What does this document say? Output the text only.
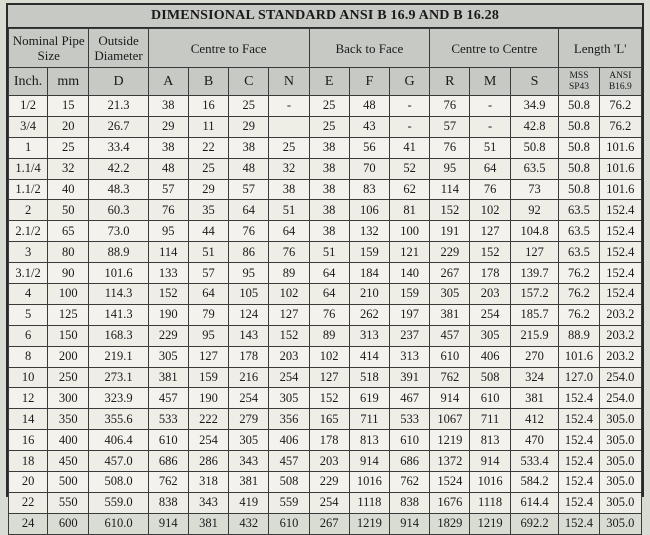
DIMENSIONAL STANDARD ANSI B 16.9 AND B 16.28
Nominal Pipe Size		Outside Diameter	Centre to Face				Back to Face			Centre to Centre			Length 'L'	
Inch.	mm	D	A	B	C	N	E	F	G	R	M	S	MSS SP43	ANSI B16.9
1/2	15	21.3	38	16	25	-	25	48	-	76	-	34.9	50.8	76.2
3/4	20	26.7	29	11	29		25	43	-	57	-	42.8	50.8	76.2
1	25	33.4	38	22	38	25	38	56	41	76	51	50.8	50.8	101.6
1.1/4	32	42.2	48	25	48	32	38	70	52	95	64	63.5	50.8	101.6
1.1/2	40	48.3	57	29	57	38	38	83	62	114	76	73	50.8	101.6
2	50	60.3	76	35	64	51	38	106	81	152	102	92	63.5	152.4
2.1/2	65	73.0	95	44	76	64	38	132	100	191	127	104.8	63.5	152.4
3	80	88.9	114	51	86	76	51	159	121	229	152	127	63.5	152.4
3.1/2	90	101.6	133	57	95	89	64	184	140	267	178	139.7	76.2	152.4
4	100	114.3	152	64	105	102	64	210	159	305	203	157.2	76.2	152.4
5	125	141.3	190	79	124	127	76	262	197	381	254	185.7	76.2	203.2
6	150	168.3	229	95	143	152	89	313	237	457	305	215.9	88.9	203.2
8	200	219.1	305	127	178	203	102	414	313	610	406	270	101.6	203.2
10	250	273.1	381	159	216	254	127	518	391	762	508	324	127.0	254.0
12	300	323.9	457	190	254	305	152	619	467	914	610	381	152.4	254.0
14	350	355.6	533	222	279	356	165	711	533	1067	711	412	152.4	305.0
16	400	406.4	610	254	305	406	178	813	610	1219	813	470	152.4	305.0
18	450	457.0	686	286	343	457	203	914	686	1372	914	533.4	152.4	305.0
20	500	508.0	762	318	381	508	229	1016	762	1524	1016	584.2	152.4	305.0
22	550	559.0	838	343	419	559	254	1118	838	1676	1118	614.4	152.4	305.0
24	600	610.0	914	381	432	610	267	1219	914	1829	1219	692.2	152.4	305.0
